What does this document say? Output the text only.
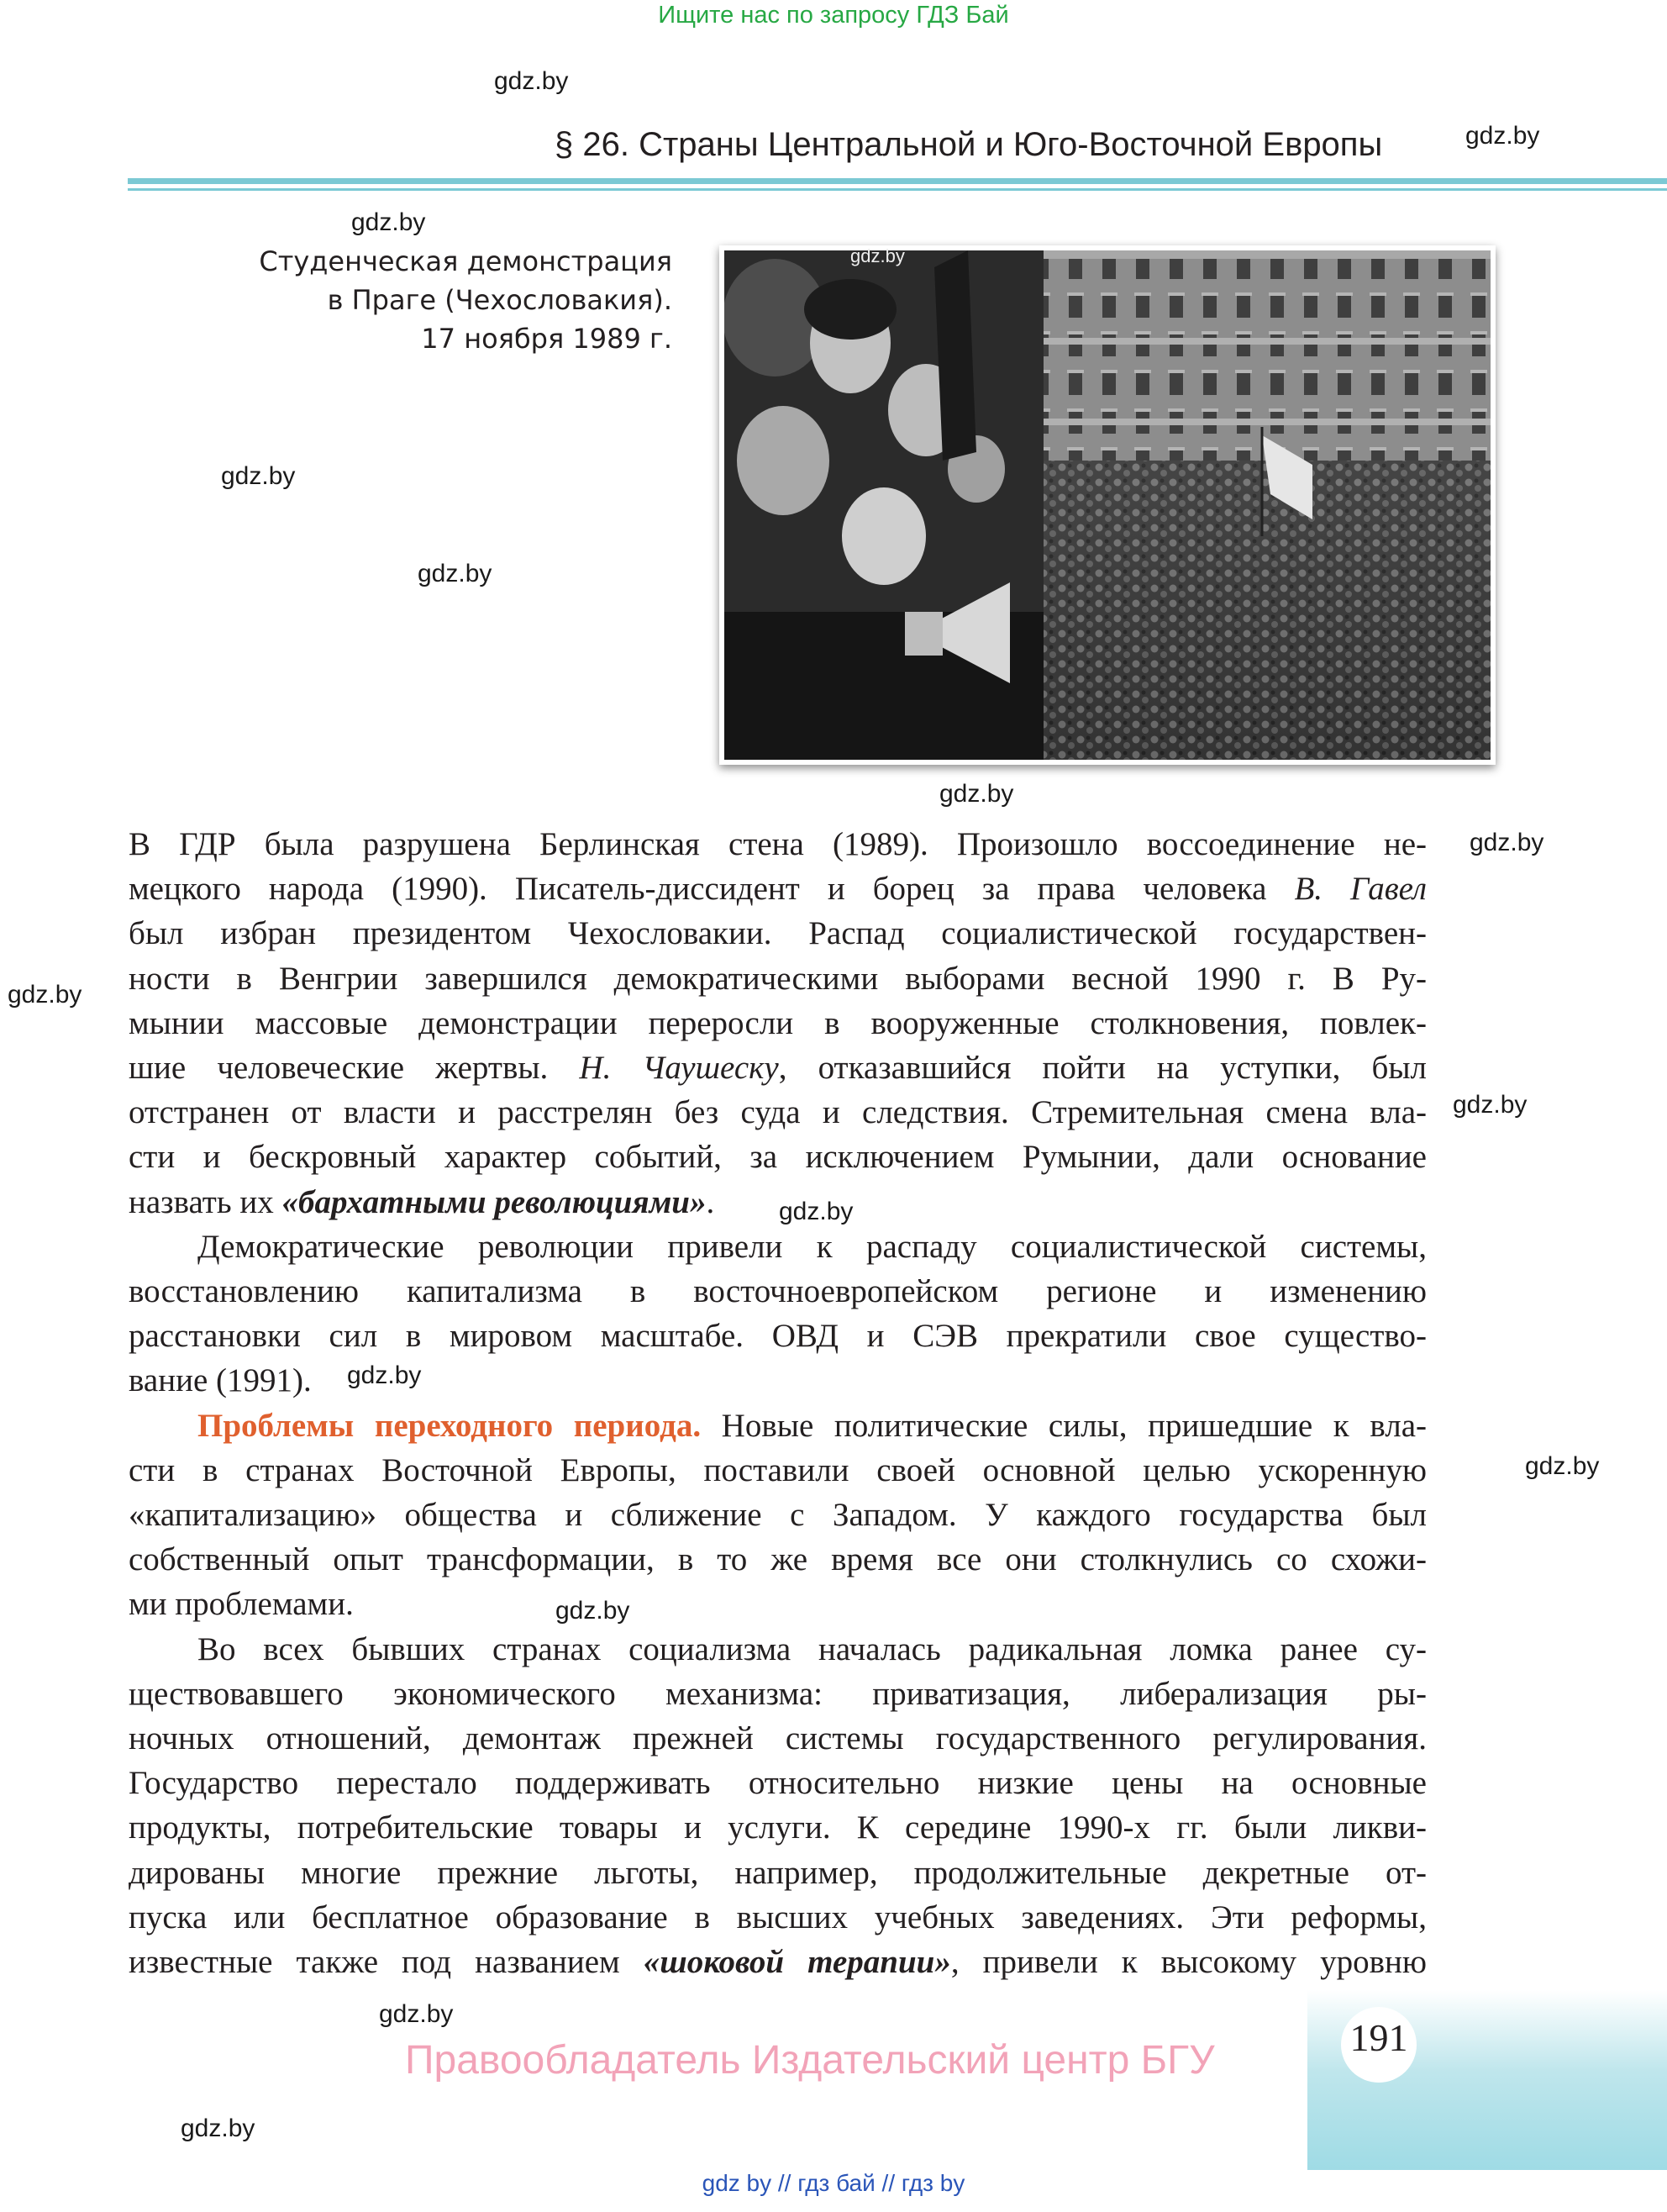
Ищите нас по запросу ГДЗ Бай
gdz.by
gdz.by
gdz.by
gdz.by
gdz.by
gdz.by
gdz.by
gdz.by
gdz.by
gdz.by
gdz.by
gdz.by
gdz.by
gdz.by
gdz.by
§ 26. Страны Центральной и Юго-Восточной Европы
Студенческая демонстрация
в Праге (Чехословакия).
17 ноября 1989 г.
gdz.by

В ГДР была разрушена Берлинская стена (1989). Произошло воссоединение не-
мецкого народа (1990). Писатель-диссидент и борец за права человека В. Гавел
был избран президентом Чехословакии. Распад социалистической государствен-
ности в Венгрии завершился демократическими выборами весной 1990 г. В Ру-
мынии массовые демонстрации переросли в вооруженные столкновения, повлек-
шие человеческие жертвы. Н. Чаушеску, отказавшийся пойти на уступки, был
отстранен от власти и расстрелян без суда и следствия. Стремительная смена вла-
сти и бескровный характер событий, за исключением Румынии, дали основание
назвать их «бархатными революциями».

Демократические революции привели к распаду социалистической системы,
восстановлению капитализма в восточноевропейском регионе и изменению
расстановки сил в мировом масштабе. ОВД и СЭВ прекратили свое существо-
вание (1991).

Проблемы переходного периода. Новые политические силы, пришедшие к вла-
сти в странах Восточной Европы, поставили своей основной целью ускоренную
«капитализацию» общества и сближение с Западом. У каждого государства был
собственный опыт трансформации, в то же время все они столкнулись со схожи-
ми проблемами.

Во всех бывших странах социализма началась радикальная ломка ранее су-
ществовавшего экономического механизма: приватизация, либерализация ры-
ночных отношений, демонтаж прежней системы государственного регулирования.
Государство перестало поддерживать относительно низкие цены на основные
продукты, потребительские товары и услуги. К середине 1990-х гг. были ликви-
дированы многие прежние льготы, например, продолжительные декретные от-
пуска или бесплатное образование в высших учебных заведениях. Эти реформы,
известные также под названием «шоковой терапии», привели к высокому уровню

191
Правообладатель Издательский центр БГУ
gdz by // гдз бай // гдз by
